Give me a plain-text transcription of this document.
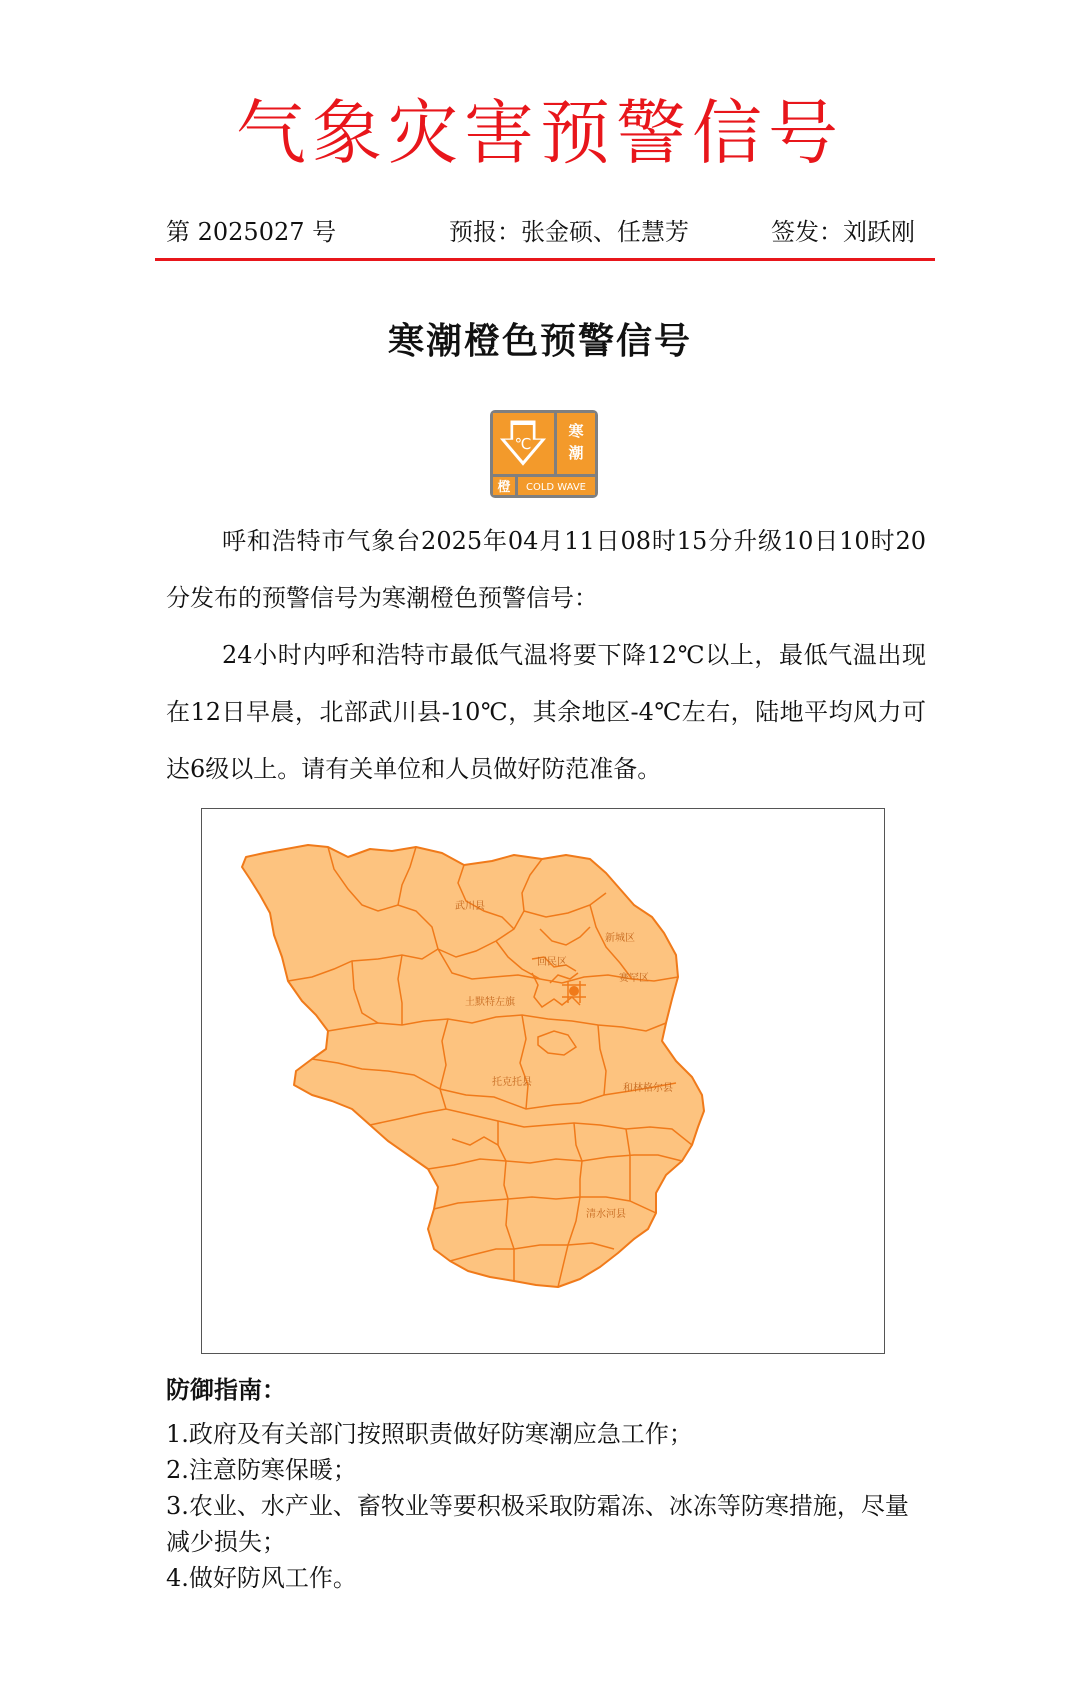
气象灾害预警信号
第 2025027 号	预报：张金硕、任慧芳	签发：刘跃刚
寒潮橙色预警信号
℃
寒
潮
橙 COLD WAVE

呼和浩特市气象台2025年04月11日08时15分升级10日10时20分发布的预警信号为寒潮橙色预警信号：

24小时内呼和浩特市最低气温将要下降12℃以上，最低气温出现在12日早晨，北部武川县-10℃，其余地区-4℃左右，陆地平均风力可达6级以上。请有关单位和人员做好防范准备。

武川县
新城区
回民区
赛罕区
土默特左旗
托克托县
和林格尔县
清水河县
防御指南：
1.政府及有关部门按照职责做好防寒潮应急工作；
2.注意防寒保暖；
3.农业、水产业、畜牧业等要积极采取防霜冻、冰冻等防寒措施，尽量减少损失；
4.做好防风工作。
